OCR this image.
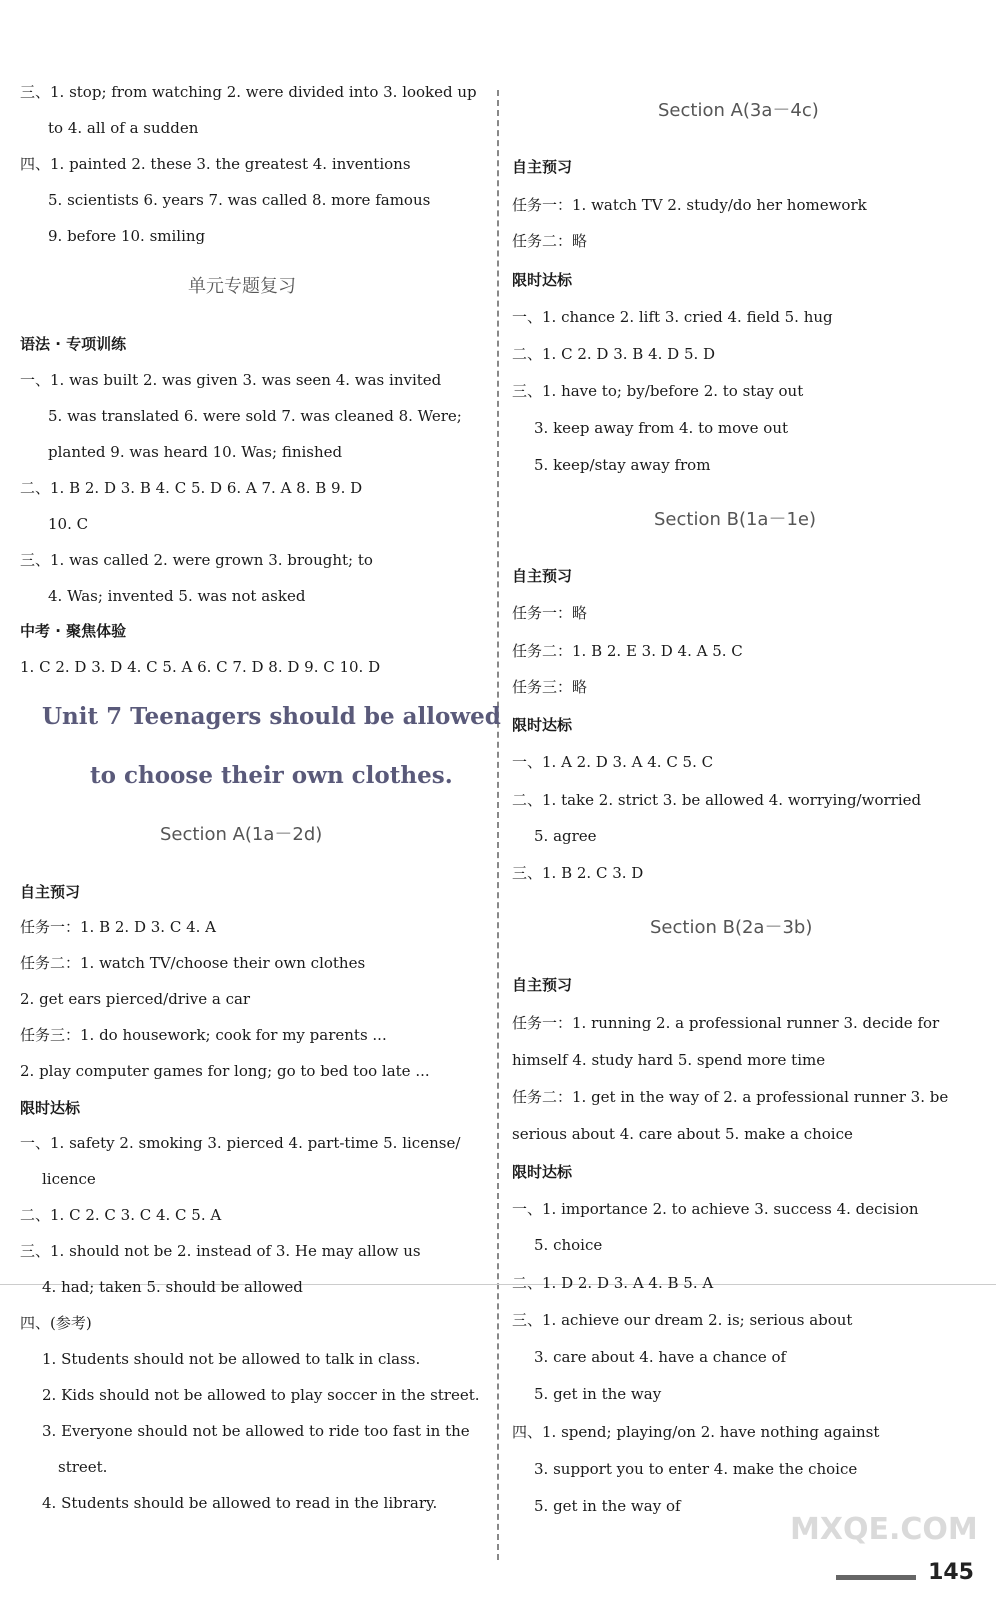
三、1. stop; from watching 2. were divided into 3. looked up
to 4. all of a sudden
四、1. painted 2. these 3. the greatest 4. inventions
5. scientists 6. years 7. was called 8. more famous
9. before 10. smiling
单元专题复习
语法 · 专项训练
一、1. was built 2. was given 3. was seen 4. was invited
5. was translated 6. were sold 7. was cleaned 8. Were;
planted 9. was heard 10. Was; finished
二、1. B 2. D 3. B 4. C 5. D 6. A 7. A 8. B 9. D
10. C
三、1. was called 2. were grown 3. brought; to
4. Was; invented 5. was not asked
中考 · 聚焦体验
1. C 2. D 3. D 4. C 5. A 6. C 7. D 8. D 9. C 10. D
Unit 7 Teenagers should be allowed
to choose their own clothes.
Section A(1a－2d)
自主预习
任务一：1. B 2. D 3. C 4. A
任务二：1. watch TV/choose their own clothes
2. get ears pierced/drive a car
任务三：1. do housework; cook for my parents ...
2. play computer games for long; go to bed too late ...
限时达标
一、1. safety 2. smoking 3. pierced 4. part-time 5. license/
licence
二、1. C 2. C 3. C 4. C 5. A
三、1. should not be 2. instead of 3. He may allow us
4. had; taken 5. should be allowed
四、(参考)
1. Students should not be allowed to talk in class.
2. Kids should not be allowed to play soccer in the street.
3. Everyone should not be allowed to ride too fast in the
street.
4. Students should be allowed to read in the library.
Section A(3a－4c)
自主预习
任务一：1. watch TV 2. study/do her homework
任务二：略
限时达标
一、1. chance 2. lift 3. cried 4. field 5. hug
二、1. C 2. D 3. B 4. D 5. D
三、1. have to; by/before 2. to stay out
3. keep away from 4. to move out
5. keep/stay away from
Section B(1a－1e)
自主预习
任务一：略
任务二：1. B 2. E 3. D 4. A 5. C
任务三：略
限时达标
一、1. A 2. D 3. A 4. C 5. C
二、1. take 2. strict 3. be allowed 4. worrying/worried
5. agree
三、1. B 2. C 3. D
Section B(2a－3b)
自主预习
任务一：1. running 2. a professional runner 3. decide for
himself 4. study hard 5. spend more time
任务二：1. get in the way of 2. a professional runner 3. be
serious about 4. care about 5. make a choice
限时达标
一、1. importance 2. to achieve 3. success 4. decision
5. choice
二、1. D 2. D 3. A 4. B 5. A
三、1. achieve our dream 2. is; serious about
3. care about 4. have a chance of
5. get in the way
四、1. spend; playing/on 2. have nothing against
3. support you to enter 4. make the choice
5. get in the way of
MXQE.COM
145
